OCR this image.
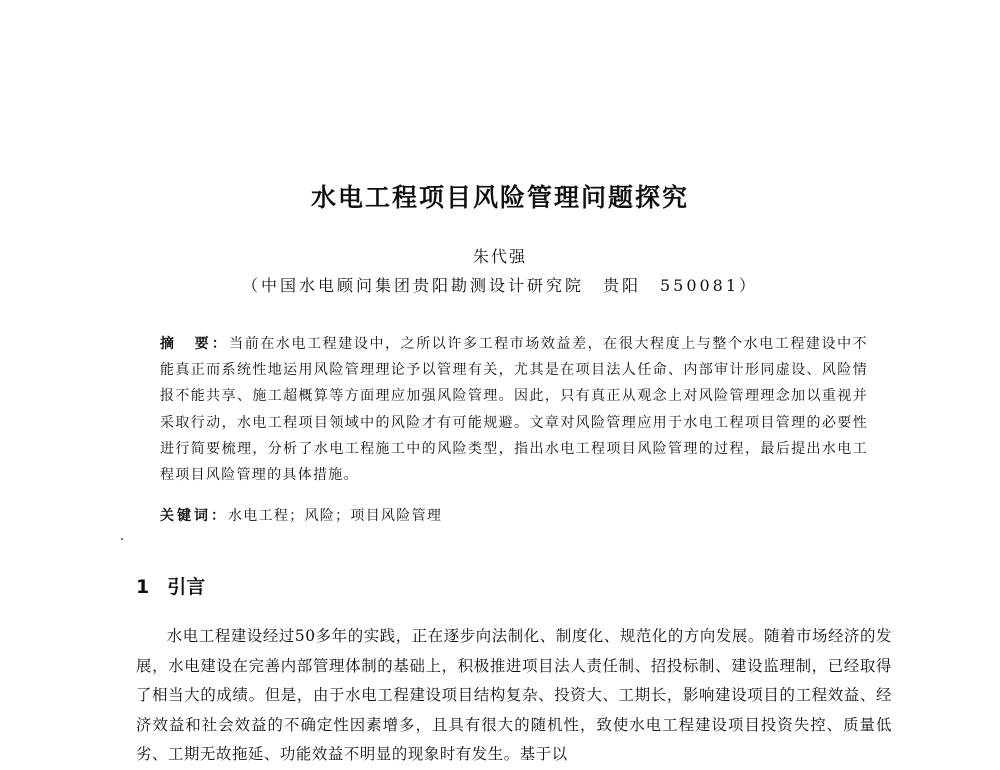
水电工程项目风险管理问题探究
朱代强
（中国水电顾问集团贵阳勘测设计研究院　贵阳　550081）
摘　要：当前在水电工程建设中，之所以许多工程市场效益差，在很大程度上与整个水电工程建设中不能真正而系统性地运用风险管理理论予以管理有关，尤其是在项目法人任命、内部审计形同虚设、风险情报不能共享、施工超概算等方面理应加强风险管理。因此，只有真正从观念上对风险管理理念加以重视并采取行动，水电工程项目领域中的风险才有可能规避。文章对风险管理应用于水电工程项目管理的必要性进行简要梳理，分析了水电工程施工中的风险类型，指出水电工程项目风险管理的过程，最后提出水电工程项目风险管理的具体措施。
关键词：水电工程；风险；项目风险管理
1 引言

水电工程建设经过50多年的实践，正在逐步向法制化、制度化、规范化的方向发展。随着市场经济的发展，水电建设在完善内部管理体制的基础上，积极推进项目法人责任制、招投标制、建设监理制，已经取得了相当大的成绩。但是，由于水电工程建设项目结构复杂、投资大、工期长，影响建设项目的工程效益、经济效益和社会效益的不确定性因素增多，且具有很大的随机性，致使水电工程建设项目投资失控、质量低劣、工期无故拖延、功能效益不明显的现象时有发生。基于以
